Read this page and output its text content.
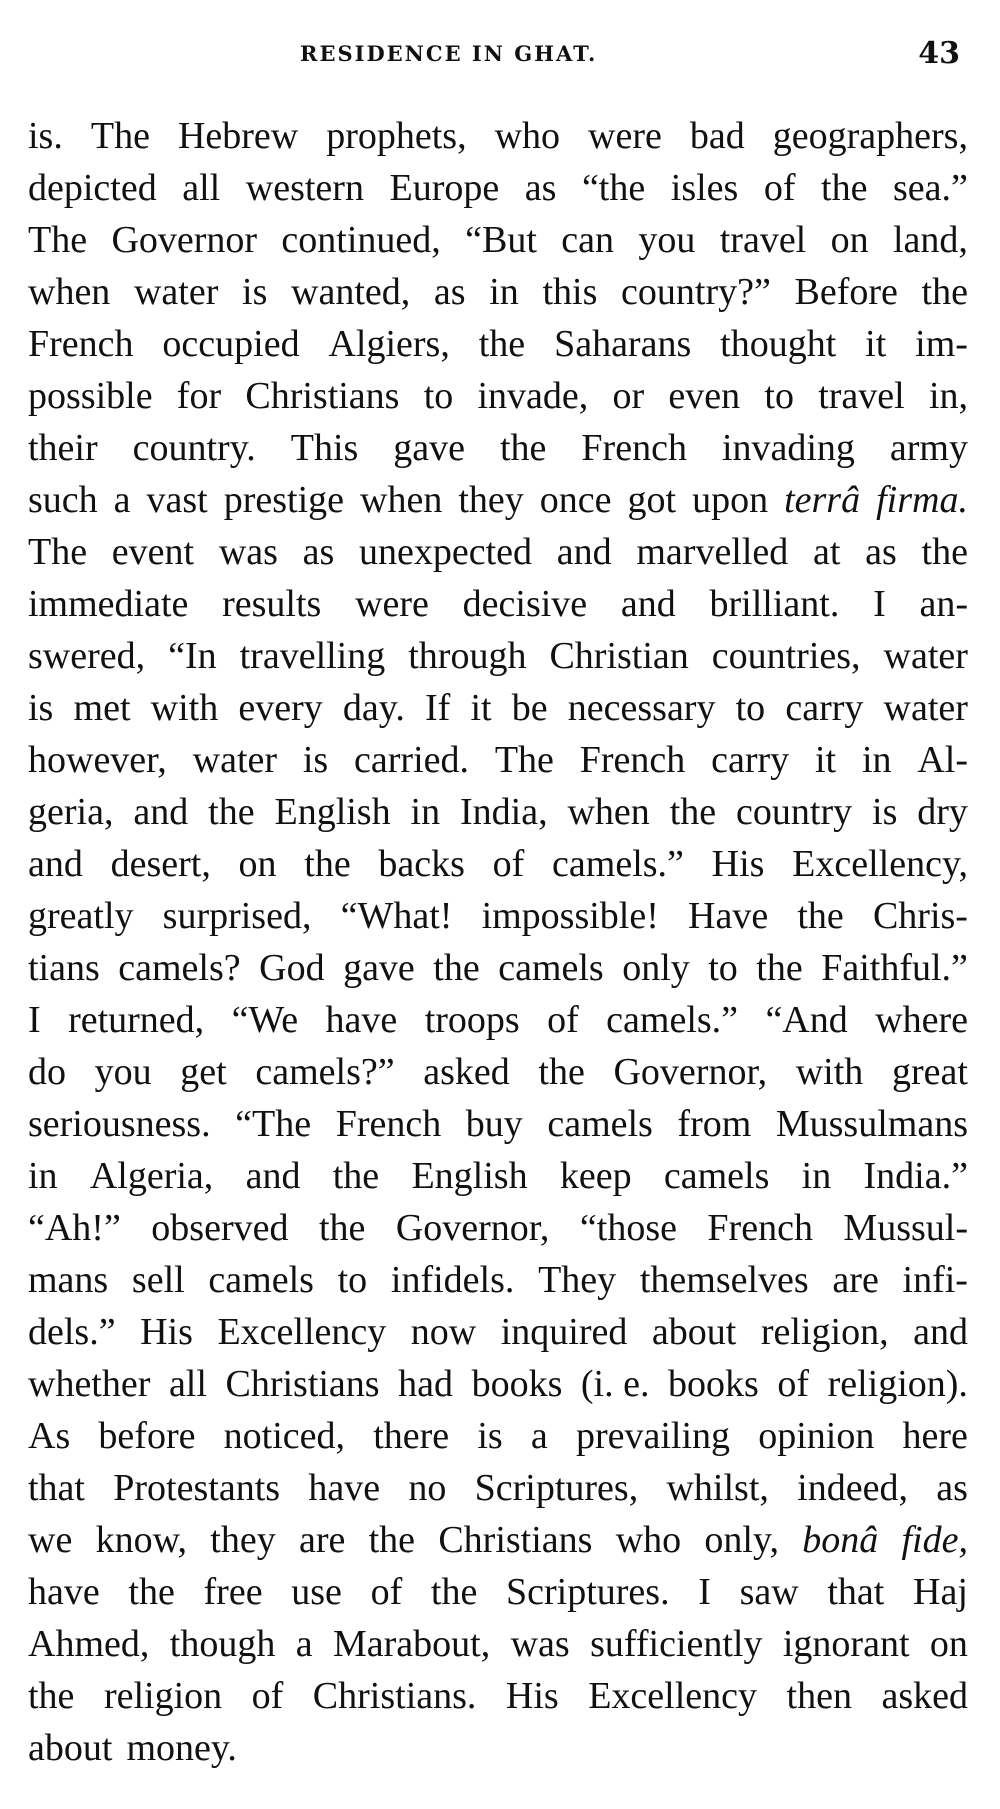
RESIDENCE IN GHAT.	43
is. The Hebrew prophets, who were bad geographers,
depicted all western Europe as “the isles of the sea.”
The Governor continued, “But can you travel on land,
when water is wanted, as in this country?” Before the
French occupied Algiers, the Saharans thought it im-
possible for Christians to invade, or even to travel in,
their country. This gave the French invading army
such a vast prestige when they once got upon terrâ firma.
The event was as unexpected and marvelled at as the
immediate results were decisive and brilliant. I an-
swered, “In travelling through Christian countries, water
is met with every day. If it be necessary to carry water
however, water is carried. The French carry it in Al-
geria, and the English in India, when the country is dry
and desert, on the backs of camels.” His Excellency,
greatly surprised, “What! impossible! Have the Chris-
tians camels? God gave the camels only to the Faithful.”
I returned, “We have troops of camels.” “And where
do you get camels?” asked the Governor, with great
seriousness. “The French buy camels from Mussulmans
in Algeria, and the English keep camels in India.”
“Ah!” observed the Governor, “those French Mussul-
mans sell camels to infidels. They themselves are infi-
dels.” His Excellency now inquired about religion, and
whether all Christians had books (i. e. books of religion).
As before noticed, there is a prevailing opinion here
that Protestants have no Scriptures, whilst, indeed, as
we know, they are the Christians who only, bonâ fide,
have the free use of the Scriptures. I saw that Haj
Ahmed, though a Marabout, was sufficiently ignorant on
the religion of Christians. His Excellency then asked
about money.
